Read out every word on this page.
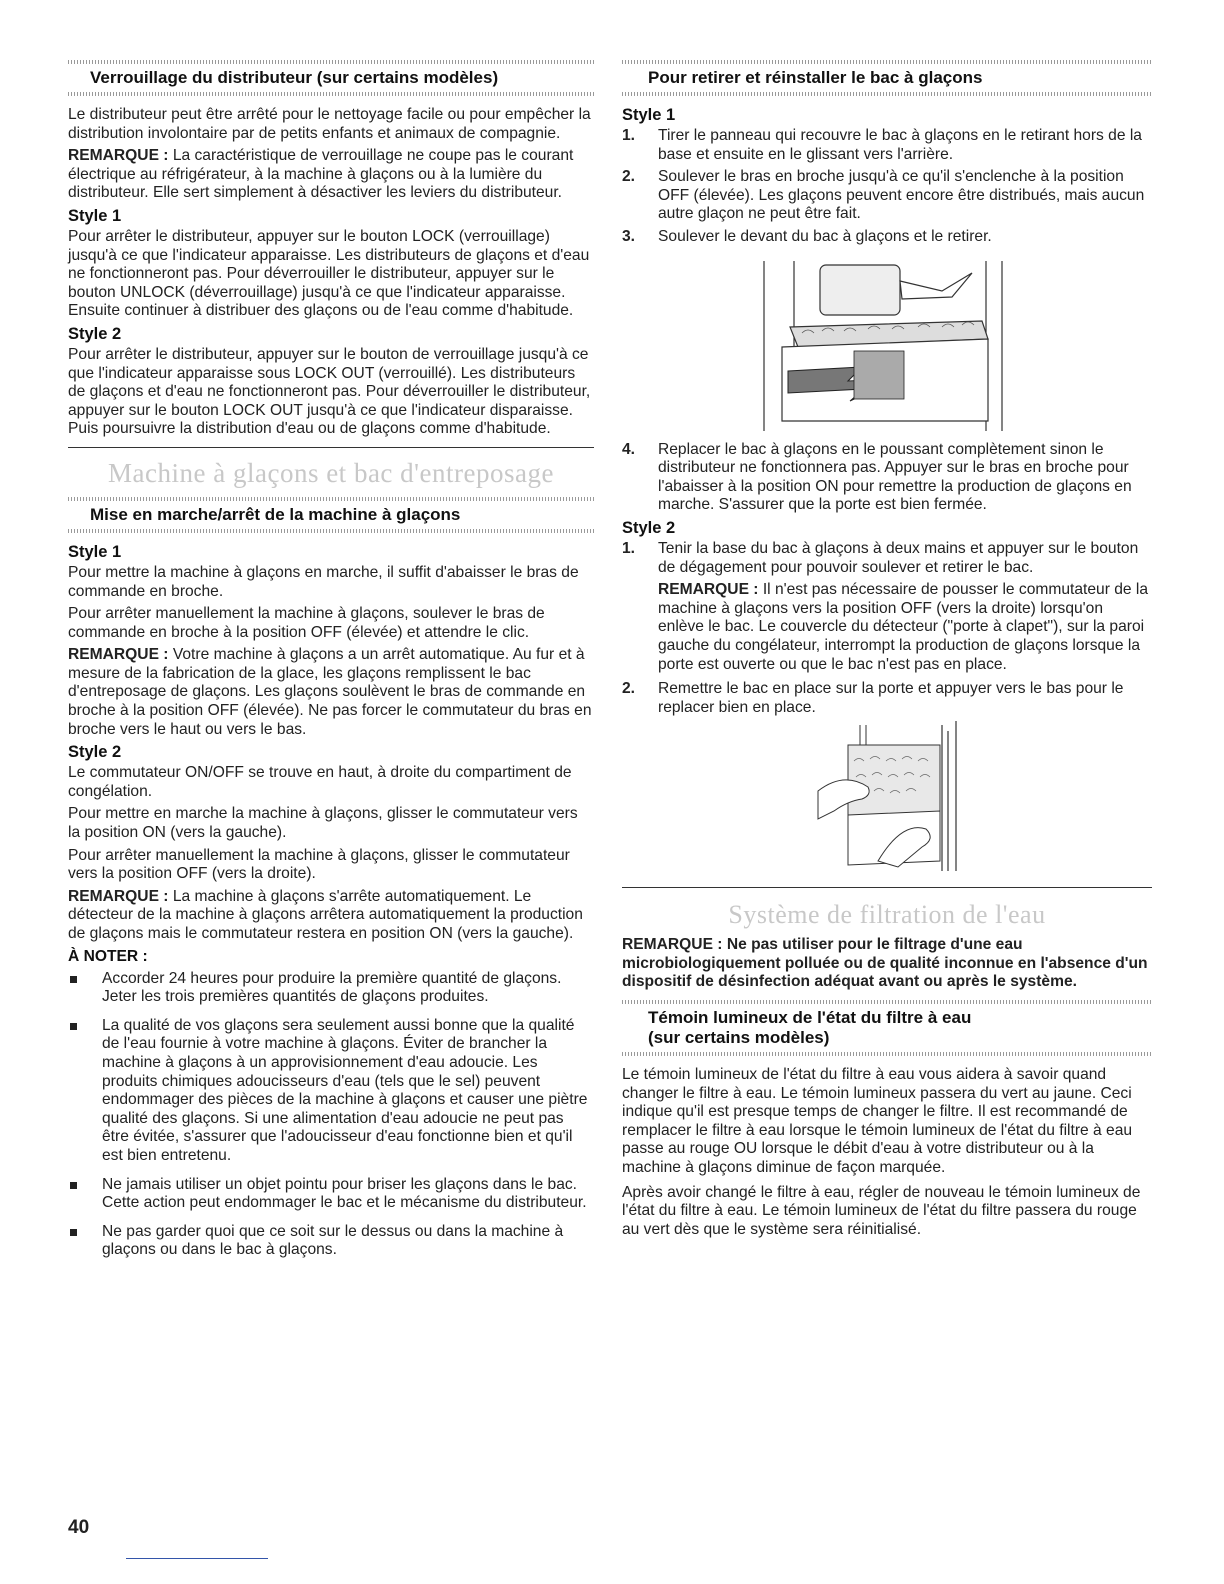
Verrouillage du distributeur (sur certains modèles)

Le distributeur peut être arrêté pour le nettoyage facile ou pour empêcher la distribution involontaire par de petits enfants et animaux de compagnie.

REMARQUE : La caractéristique de verrouillage ne coupe pas le courant électrique au réfrigérateur, à la machine à glaçons ou à la lumière du distributeur. Elle sert simplement à désactiver les leviers du distributeur.

Style 1

Pour arrêter le distributeur, appuyer sur le bouton LOCK (verrouillage) jusqu'à ce que l'indicateur apparaisse. Les distributeurs de glaçons et d'eau ne fonctionneront pas. Pour déverrouiller le distributeur, appuyer sur le bouton UNLOCK (déverrouillage) jusqu'à ce que l'indicateur apparaisse. Ensuite continuer à distribuer des glaçons ou de l'eau comme d'habitude.

Style 2

Pour arrêter le distributeur, appuyer sur le bouton de verrouillage jusqu'à ce que l'indicateur apparaisse sous LOCK OUT (verrouillé). Les distributeurs de glaçons et d'eau ne fonctionneront pas. Pour déverrouiller le distributeur, appuyer sur le bouton LOCK OUT jusqu'à ce que l'indicateur disparaisse. Puis poursuivre la distribution d'eau ou de glaçons comme d'habitude.

Machine à glaçons et bac d'entreposage
Mise en marche/arrêt de la machine à glaçons
Style 1

Pour mettre la machine à glaçons en marche, il suffit d'abaisser le bras de commande en broche.

Pour arrêter manuellement la machine à glaçons, soulever le bras de commande en broche à la position OFF (élevée) et attendre le clic.

REMARQUE : Votre machine à glaçons a un arrêt automatique. Au fur et à mesure de la fabrication de la glace, les glaçons remplissent le bac d'entreposage de glaçons. Les glaçons soulèvent le bras de commande en broche à la position OFF (élevée). Ne pas forcer le commutateur du bras en broche vers le haut ou vers le bas.

Style 2

Le commutateur ON/OFF se trouve en haut, à droite du compartiment de congélation.

Pour mettre en marche la machine à glaçons, glisser le commutateur vers la position ON (vers la gauche).

Pour arrêter manuellement la machine à glaçons, glisser le commutateur vers la position OFF (vers la droite).

REMARQUE : La machine à glaçons s'arrête automatiquement. Le détecteur de la machine à glaçons arrêtera automatiquement la production de glaçons mais le commutateur restera en position ON (vers la gauche).

À NOTER :
Accorder 24 heures pour produire la première quantité de glaçons. Jeter les trois premières quantités de glaçons produites.
La qualité de vos glaçons sera seulement aussi bonne que la qualité de l'eau fournie à votre machine à glaçons. Éviter de brancher la machine à glaçons à un approvisionnement d'eau adoucie. Les produits chimiques adoucisseurs d'eau (tels que le sel) peuvent endommager des pièces de la machine à glaçons et causer une piètre qualité des glaçons. Si une alimentation d'eau adoucie ne peut pas être évitée, s'assurer que l'adoucisseur d'eau fonctionne bien et qu'il est bien entretenu.
Ne jamais utiliser un objet pointu pour briser les glaçons dans le bac. Cette action peut endommager le bac et le mécanisme du distributeur.
Ne pas garder quoi que ce soit sur le dessus ou dans la machine à glaçons ou dans le bac à glaçons.
Pour retirer et réinstaller le bac à glaçons
Style 1
1.	Tirer le panneau qui recouvre le bac à glaçons en le retirant hors de la base et ensuite en le glissant vers l'arrière.
2.	Soulever le bras en broche jusqu'à ce qu'il s'enclenche à la position OFF (élevée). Les glaçons peuvent encore être distribués, mais aucun autre glaçon ne peut être fait.
3.	Soulever le devant du bac à glaçons et le retirer.
4.	Replacer le bac à glaçons en le poussant complètement sinon le distributeur ne fonctionnera pas. Appuyer sur le bras en broche pour l'abaisser à la position ON pour remettre la production de glaçons en marche. S'assurer que la porte est bien fermée.
Style 2
1.	Tenir la base du bac à glaçons à deux mains et appuyer sur le bouton de dégagement pour pouvoir soulever et retirer le bac.

REMARQUE : Il n'est pas nécessaire de pousser le commutateur de la machine à glaçons vers la position OFF (vers la droite) lorsqu'on enlève le bac. Le couvercle du détecteur ("porte à clapet"), sur la paroi gauche du congélateur, interrompt la production de glaçons lorsque la porte est ouverte ou que le bac n'est pas en place.

2.	Remettre le bac en place sur la porte et appuyer vers le bas pour le replacer bien en place.
Système de filtration de l'eau
REMARQUE : Ne pas utiliser pour le filtrage d'une eau microbiologiquement polluée ou de qualité inconnue en l'absence d'un dispositif de désinfection adéquat avant ou après le système.
Témoin lumineux de l'état du filtre à eau
(sur certains modèles)

Le témoin lumineux de l'état du filtre à eau vous aidera à savoir quand changer le filtre à eau. Le témoin lumineux passera du vert au jaune. Ceci indique qu'il est presque temps de changer le filtre. Il est recommandé de remplacer le filtre à eau lorsque le témoin lumineux de l'état du filtre à eau passe au rouge OU lorsque le débit d'eau à votre distributeur ou à la machine à glaçons diminue de façon marquée.

Après avoir changé le filtre à eau, régler de nouveau le témoin lumineux de l'état du filtre à eau. Le témoin lumineux de l'état du filtre passera du rouge au vert dès que le système sera réinitialisé.

40
